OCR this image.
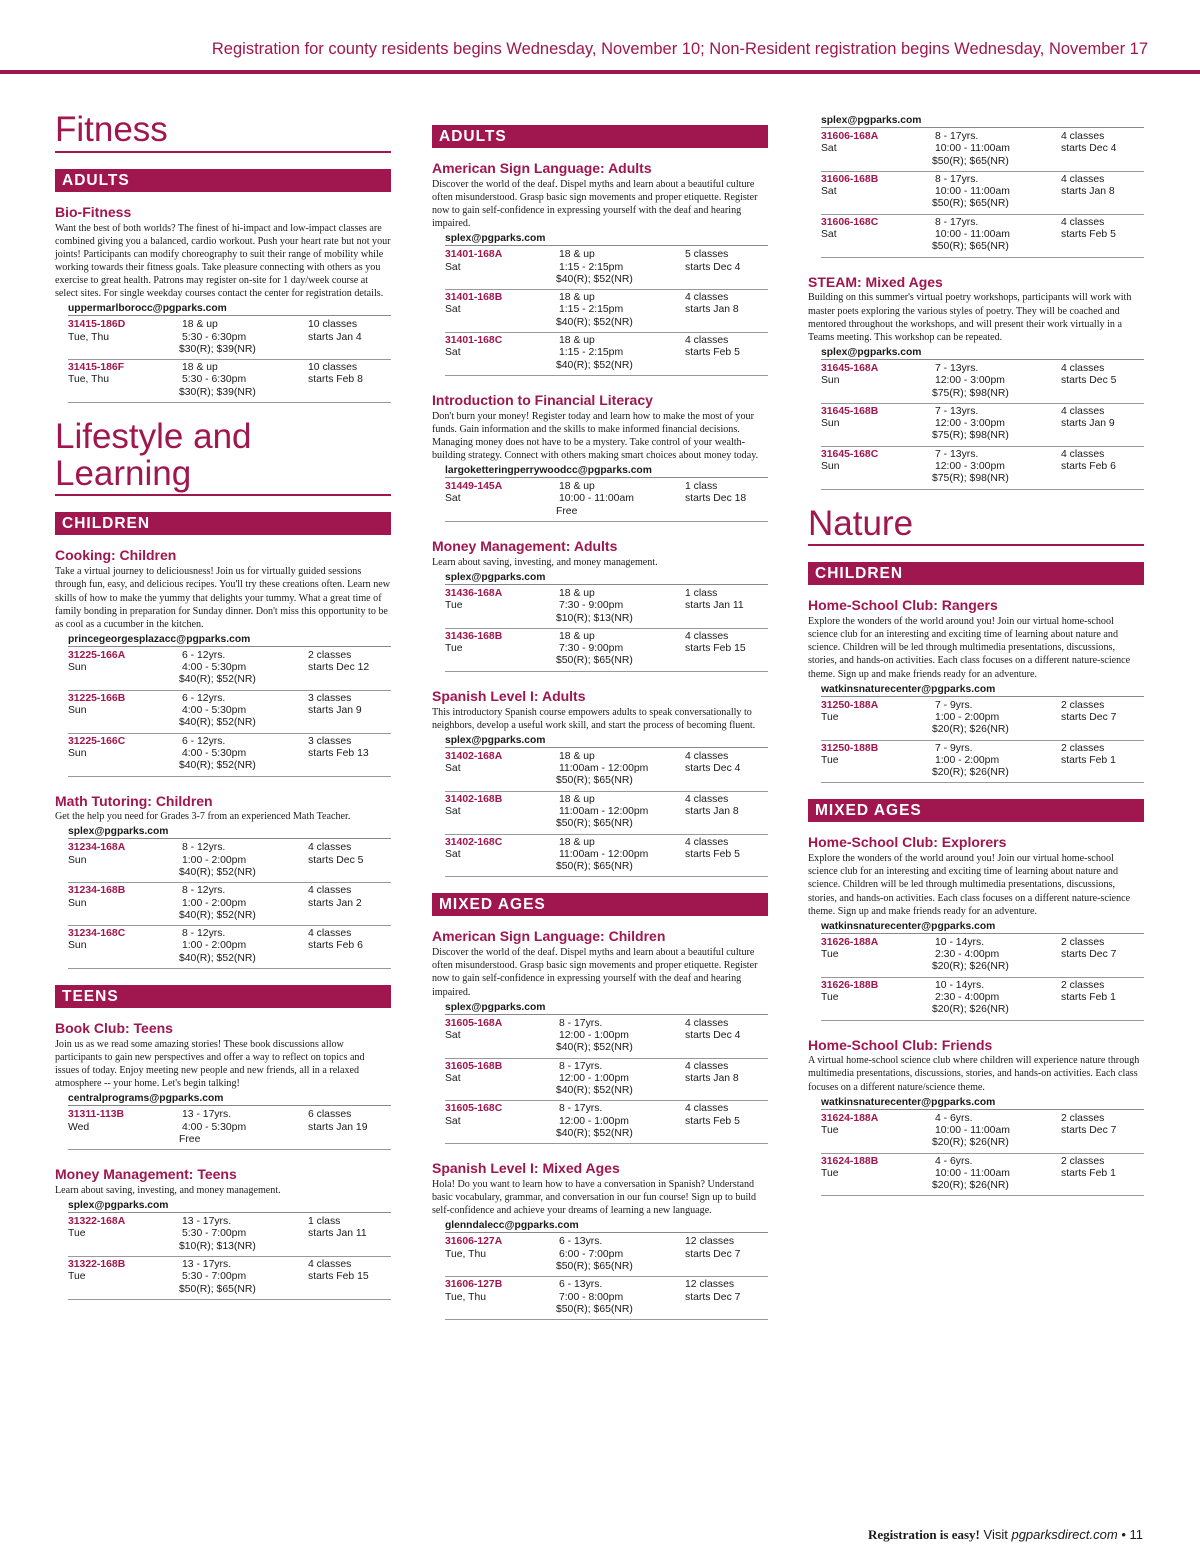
Registration for county residents begins Wednesday, November 10; Non-Resident registration begins Wednesday, November 17
Fitness
ADULTS
Bio-Fitness
Want the best of both worlds? The finest of hi-impact and low-impact classes are combined giving you a balanced, cardio workout. Push your heart rate but not your joints! Participants can modify choreography to suit their range of mobility while working towards their fitness goals. Take pleasure connecting with others as you exercise to great health. Patrons may register on-site for 1 day/week course at select sites. For single weekday courses contact the center for registration details.
uppermarlborocc@pgparks.com
31415-186D
Tue, Thu
18 & up
5:30 - 6:30pm
$30(R); $39(NR)
10 classes
starts Jan 4
31415-186F
Tue, Thu
18 & up
5:30 - 6:30pm
$30(R); $39(NR)
10 classes
starts Feb 8
Lifestyle and Learning
CHILDREN
Cooking: Children
Take a virtual journey to deliciousness! Join us for virtually guided sessions through fun, easy, and delicious recipes. You'll try these creations often. Learn new skills of how to make the yummy that delights your tummy. What a great time of family bonding in preparation for Sunday dinner. Don't miss this opportunity to be as cool as a cucumber in the kitchen.
princegeorgesplazacc@pgparks.com
31225-166A
Sun
6 - 12yrs.
4:00 - 5:30pm
$40(R); $52(NR)
2 classes
starts Dec 12
31225-166B
Sun
6 - 12yrs.
4:00 - 5:30pm
$40(R); $52(NR)
3 classes
starts Jan 9
31225-166C
Sun
6 - 12yrs.
4:00 - 5:30pm
$40(R); $52(NR)
3 classes
starts Feb 13
Math Tutoring: Children
Get the help you need for Grades 3-7 from an experienced Math Teacher.
splex@pgparks.com
31234-168A
Sun
8 - 12yrs.
1:00 - 2:00pm
$40(R); $52(NR)
4 classes
starts Dec 5
31234-168B
Sun
8 - 12yrs.
1:00 - 2:00pm
$40(R); $52(NR)
4 classes
starts Jan 2
31234-168C
Sun
8 - 12yrs.
1:00 - 2:00pm
$40(R); $52(NR)
4 classes
starts Feb 6
TEENS
Book Club: Teens
Join us as we read some amazing stories! These book discussions allow participants to gain new perspectives and offer a way to reflect on topics and issues of today. Enjoy meeting new people and new friends, all in a relaxed atmosphere -- your home. Let's begin talking!
centralprograms@pgparks.com
31311-113B
Wed
13 - 17yrs.
4:00 - 5:30pm
Free
6 classes
starts Jan 19
Money Management: Teens
Learn about saving, investing, and money management.
splex@pgparks.com
31322-168A
Tue
13 - 17yrs.
5:30 - 7:00pm
$10(R); $13(NR)
1 class
starts Jan 11
31322-168B
Tue
13 - 17yrs.
5:30 - 7:00pm
$50(R); $65(NR)
4 classes
starts Feb 15
ADULTS
American Sign Language: Adults
Discover the world of the deaf. Dispel myths and learn about a beautiful culture often misunderstood. Grasp basic sign movements and proper etiquette. Register now to gain self-confidence in expressing yourself with the deaf and hearing impaired.
splex@pgparks.com
31401-168A
Sat
18 & up
1:15 - 2:15pm
$40(R); $52(NR)
5 classes
starts Dec 4
31401-168B
Sat
18 & up
1:15 - 2:15pm
$40(R); $52(NR)
4 classes
starts Jan 8
31401-168C
Sat
18 & up
1:15 - 2:15pm
$40(R); $52(NR)
4 classes
starts Feb 5
Introduction to Financial Literacy
Don't burn your money! Register today and learn how to make the most of your funds. Gain information and the skills to make informed financial decisions. Managing money does not have to be a mystery. Take control of your wealth-building strategy. Connect with others making smart choices about money today.
largoketteringperrywoodcc@pgparks.com
31449-145A
Sat
18 & up
10:00 - 11:00am
Free
1 class
starts Dec 18
Money Management: Adults
Learn about saving, investing, and money management.
splex@pgparks.com
31436-168A
Tue
18 & up
7:30 - 9:00pm
$10(R); $13(NR)
1 class
starts Jan 11
31436-168B
Tue
18 & up
7:30 - 9:00pm
$50(R); $65(NR)
4 classes
starts Feb 15
Spanish Level I: Adults
This introductory Spanish course empowers adults to speak conversationally to neighbors, develop a useful work skill, and start the process of becoming fluent.
splex@pgparks.com
31402-168A
Sat
18 & up
11:00am - 12:00pm
$50(R); $65(NR)
4 classes
starts Dec 4
31402-168B
Sat
18 & up
11:00am - 12:00pm
$50(R); $65(NR)
4 classes
starts Jan 8
31402-168C
Sat
18 & up
11:00am - 12:00pm
$50(R); $65(NR)
4 classes
starts Feb 5
MIXED AGES
American Sign Language: Children
Discover the world of the deaf. Dispel myths and learn about a beautiful culture often misunderstood. Grasp basic sign movements and proper etiquette. Register now to gain self-confidence in expressing yourself with the deaf and hearing impaired.
splex@pgparks.com
31605-168A
Sat
8 - 17yrs.
12:00 - 1:00pm
$40(R); $52(NR)
4 classes
starts Dec 4
31605-168B
Sat
8 - 17yrs.
12:00 - 1:00pm
$40(R); $52(NR)
4 classes
starts Jan 8
31605-168C
Sat
8 - 17yrs.
12:00 - 1:00pm
$40(R); $52(NR)
4 classes
starts Feb 5
Spanish Level I: Mixed Ages
Hola! Do you want to learn how to have a conversation in Spanish? Understand basic vocabulary, grammar, and conversation in our fun course! Sign up to build self-confidence and achieve your dreams of learning a new language.
glenndalecc@pgparks.com
31606-127A
Tue, Thu
6 - 13yrs.
6:00 - 7:00pm
$50(R); $65(NR)
12 classes
starts Dec 7
31606-127B
Tue, Thu
6 - 13yrs.
7:00 - 8:00pm
$50(R); $65(NR)
12 classes
starts Dec 7
splex@pgparks.com
31606-168A
Sat
8 - 17yrs.
10:00 - 11:00am
$50(R); $65(NR)
4 classes
starts Dec 4
31606-168B
Sat
8 - 17yrs.
10:00 - 11:00am
$50(R); $65(NR)
4 classes
starts Jan 8
31606-168C
Sat
8 - 17yrs.
10:00 - 11:00am
$50(R); $65(NR)
4 classes
starts Feb 5
STEAM: Mixed Ages
Building on this summer's virtual poetry workshops, participants will work with master poets exploring the various styles of poetry. They will be coached and mentored throughout the workshops, and will present their work virtually in a Teams meeting. This workshop can be repeated.
splex@pgparks.com
31645-168A
Sun
7 - 13yrs.
12:00 - 3:00pm
$75(R); $98(NR)
4 classes
starts Dec 5
31645-168B
Sun
7 - 13yrs.
12:00 - 3:00pm
$75(R); $98(NR)
4 classes
starts Jan 9
31645-168C
Sun
7 - 13yrs.
12:00 - 3:00pm
$75(R); $98(NR)
4 classes
starts Feb 6
Nature
CHILDREN
Home-School Club: Rangers
Explore the wonders of the world around you! Join our virtual home-school science club for an interesting and exciting time of learning about nature and science. Children will be led through multimedia presentations, discussions, stories, and hands-on activities. Each class focuses on a different nature-science theme. Sign up and make friends ready for an adventure.
watkinsnaturecenter@pgparks.com
31250-188A
Tue
7 - 9yrs.
1:00 - 2:00pm
$20(R); $26(NR)
2 classes
starts Dec 7
31250-188B
Tue
7 - 9yrs.
1:00 - 2:00pm
$20(R); $26(NR)
2 classes
starts Feb 1
MIXED AGES
Home-School Club: Explorers
Explore the wonders of the world around you! Join our virtual home-school science club for an interesting and exciting time of learning about nature and science. Children will be led through multimedia presentations, discussions, stories, and hands-on activities. Each class focuses on a different nature-science theme. Sign up and make friends ready for an adventure.
watkinsnaturecenter@pgparks.com
31626-188A
Tue
10 - 14yrs.
2:30 - 4:00pm
$20(R); $26(NR)
2 classes
starts Dec 7
31626-188B
Tue
10 - 14yrs.
2:30 - 4:00pm
$20(R); $26(NR)
2 classes
starts Feb 1
Home-School Club: Friends
A virtual home-school science club where children will experience nature through multimedia presentations, discussions, stories, and hands-on activities. Each class focuses on a different nature/science theme.
watkinsnaturecenter@pgparks.com
31624-188A
Tue
4 - 6yrs.
10:00 - 11:00am
$20(R); $26(NR)
2 classes
starts Dec 7
31624-188B
Tue
4 - 6yrs.
10:00 - 11:00am
$20(R); $26(NR)
2 classes
starts Feb 1
Registration is easy! Visit pgparksdirect.com • 11
